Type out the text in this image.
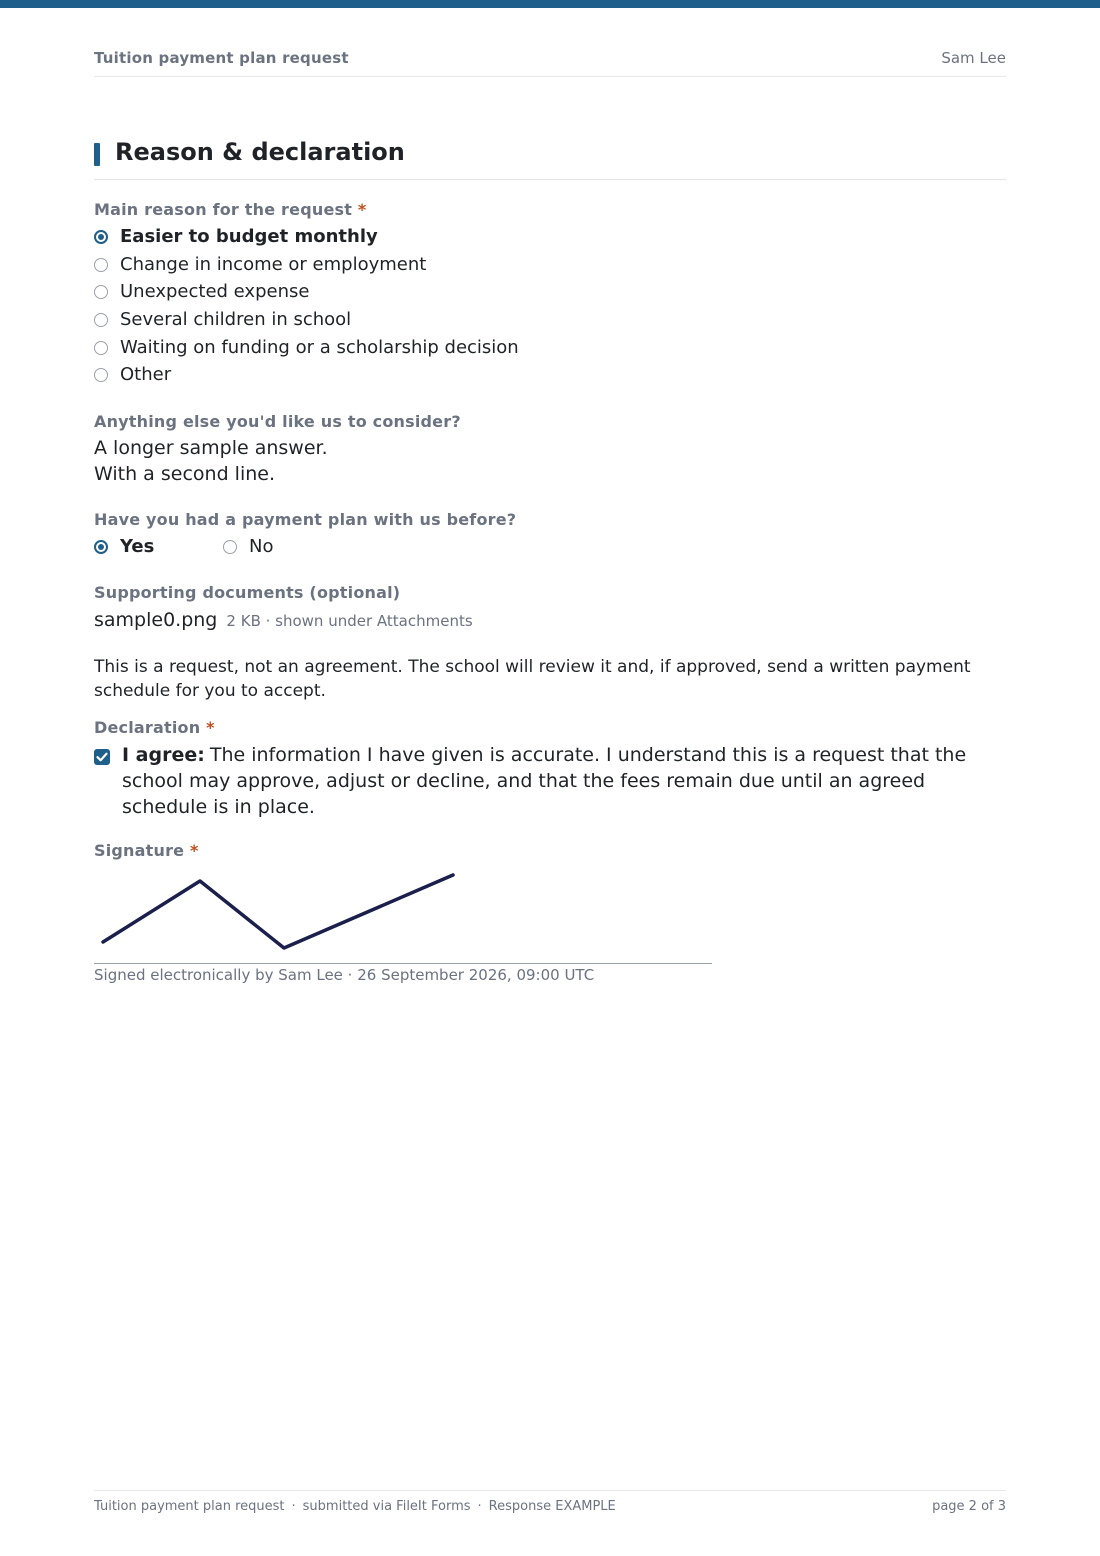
Tuition payment plan request	Sam Lee
Reason & declaration
Main reason for the request *
Easier to budget monthly
Change in income or employment
Unexpected expense
Several children in school
Waiting on funding or a scholarship decision
Other
Anything else you'd like us to consider?
A longer sample answer.
With a second line.
Have you had a payment plan with us before?
Yes	No
Supporting documents (optional)
sample0.png 2 KB · shown under Attachments
This is a request, not an agreement. The school will review it and, if approved, send a written payment schedule for you to accept.
Declaration *
I agree: The information I have given is accurate. I understand this is a request that the school may approve, adjust or decline, and that the fees remain due until an agreed schedule is in place.
Signature *
Signed electronically by Sam Lee · 26 September 2026, 09:00 UTC
Tuition payment plan request · submitted via FileIt Forms · Response EXAMPLE	page 2 of 3
